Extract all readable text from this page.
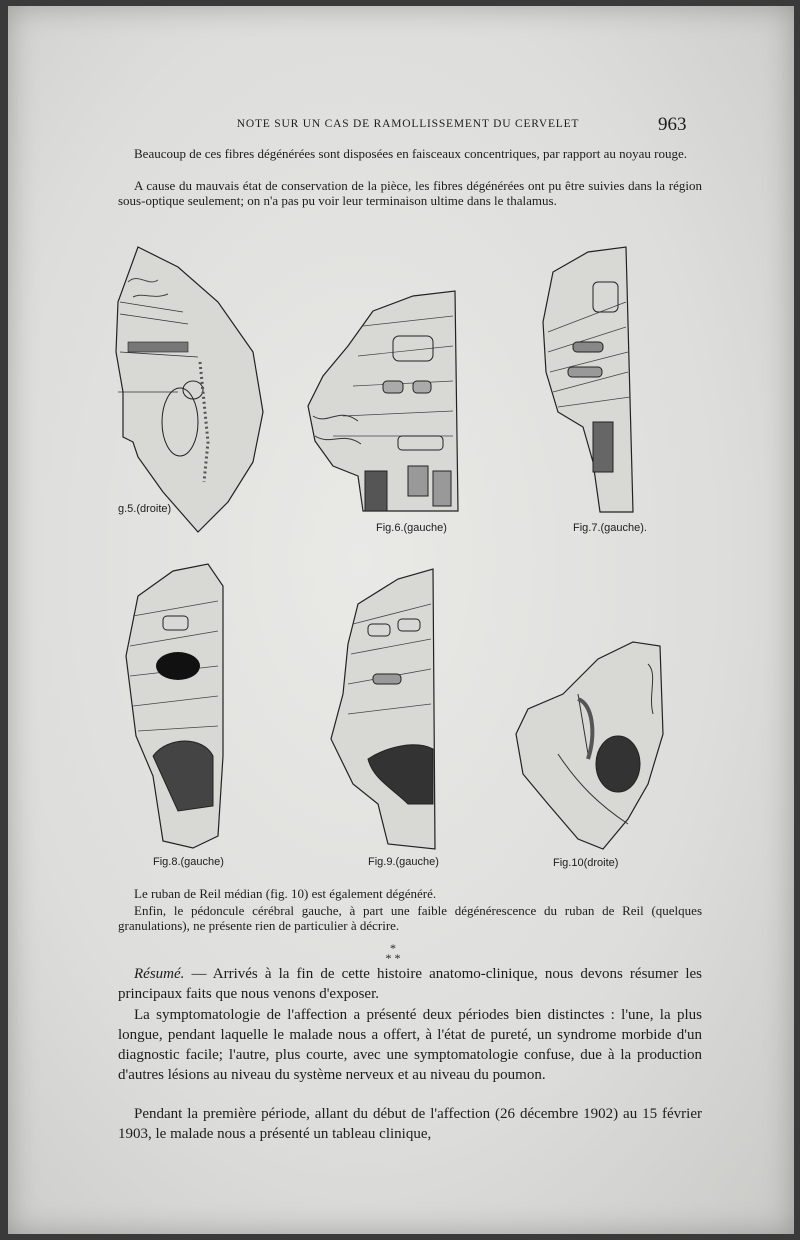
NOTE SUR UN CAS DE RAMOLLISSEMENT DU CERVELET	963

Beaucoup de ces fibres dégénérées sont disposées en faisceaux concentriques, par rapport au noyau rouge.

A cause du mauvais état de conservation de la pièce, les fibres dégénérées ont pu être suivies dans la région sous-optique seulement; on n'a pas pu voir leur terminaison ultime dans le thalamus.

g.5.(droite)
Fig.6.(gauche)	Fig.7.(gauche).
Fig.8.(gauche)	Fig.9.(gauche)	Fig.10(droite)

Le ruban de Reil médian (fig. 10) est également dégénéré.

Enfin, le pédoncule cérébral gauche, à part une faible dégénérescence du ruban de Reil (quelques granulations), ne présente rien de particulier à décrire.

*
* *

Résumé. — Arrivés à la fin de cette histoire anatomo-clinique, nous devons résumer les principaux faits que nous venons d'exposer.

La symptomatologie de l'affection a présenté deux périodes bien distinctes : l'une, la plus longue, pendant laquelle le malade nous a offert, à l'état de pureté, un syndrome morbide d'un diagnostic facile; l'autre, plus courte, avec une symptomatologie confuse, due à la production d'autres lésions au niveau du système nerveux et au niveau du poumon.

Pendant la première période, allant du début de l'affection (26 décembre 1902) au 15 février 1903, le malade nous a présenté un tableau clinique,
